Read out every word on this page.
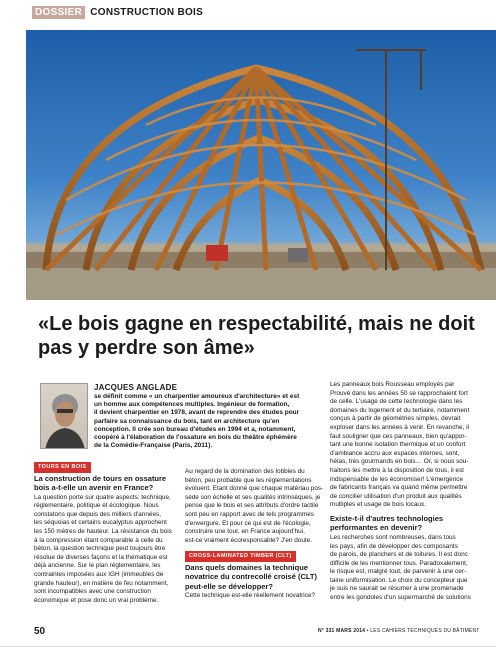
DOSSIER CONSTRUCTION BOIS
«Le bois gagne en respectabilité, mais ne doit pas y perdre son âme»
JACQUES ANGLADE

se définit comme « un charpentier amoureux d'architecture» et est

un homme aux compétences multiples. Ingénieur de formation,

il devient charpentier en 1978, avant de reprendre des études pour

parfaire sa connaissance du bois, tant en architecture qu'en

conception. Il crée son bureau d'études en 1994 et a, notamment,

coopéré à l'élaboration de l'ossature en bois du théâtre éphémère

de la Comédie-Française (Paris, 2011).

TOURS EN BOIS

La construction de tours en ossature

bois a-t-elle un avenir en France?

La question porte sur quatre aspects: technique,

réglementaire, politique et écologique. Nous

constatons que depuis des milliers d'années,

les séquoias et certains eucalyptus approchent

les 150 mètres de hauteur. La résistance du bois

à la compression étant comparable à celle du

béton, la question technique peut toujours être

résolue de diverses façons et la thématique est

déjà ancienne. Sur le plan réglementaire, les

contraintes imposées aux IGH (immeubles de

grande hauteur), en matière de feu notamment,

sont incompatibles avec une construction

économique et pose donc un vrai problème.

Au regard de la domination des lobbies du

béton, peu probable que les réglementations

évoluent. Etant donné que chaque matériau pos-

sède son échelle et ses qualités intrinsèques, je

pense que le bois et ses attributs d'ordre tactile

sont peu en rapport avec de tels programmes

d'envergure. Et pour ce qui est de l'écologie,

construire une tour, en France aujourd'hui,

est-ce vraiment écoresponsable? J'en doute.

CROSS-LAMINATED TIMBER (CLT)

Dans quels domaines la technique

novatrice du contrecollé croisé (CLT)

peut-elle se développer?

Cette technique est-elle réellement novatrice?

Les panneaux bois Rousseau employés par

Prouvé dans les années 50 se rapprochaient fort

de celle. L'usage de cette technologie dans les

domaines du logement et du tertiaire, notamment

conçus à partir de géométries simples, devrait

exploser dans les années à venir. En revanche, il

faut souligner que ces panneaux, bien qu'appor-

tant une bonne isolation thermique et un confort

d'ambiance accru aux espaces internes, sont,

hélas, très gourmands en bois… Or, si nous sou-

haitons les mettre à la disposition de tous, il est

indispensable de les économiser! L'émergence

de fabricants français va quand même permettre

de concilier utilisation d'un produit aux qualités

multiples et usage de bois locaux.

Existe-t-il d'autres technologies

performantes en devenir?

Les recherches sont nombreuses, dans tous

les pays, afin de développer des composants

de parois, de planchers et de toitures. Il est donc

difficile de les mentionner tous. Paradoxalement,

le risque est, malgré tout, de parvenir à une cer-

taine uniformisation. Le choix du concepteur que

je suis ne saurait se résumer à une promenade

entre les gondoles d'un supermarché de solutions

50	N° 331 MARS 2014 • LES CAHIERS TECHNIQUES DU BÂTIMENT
